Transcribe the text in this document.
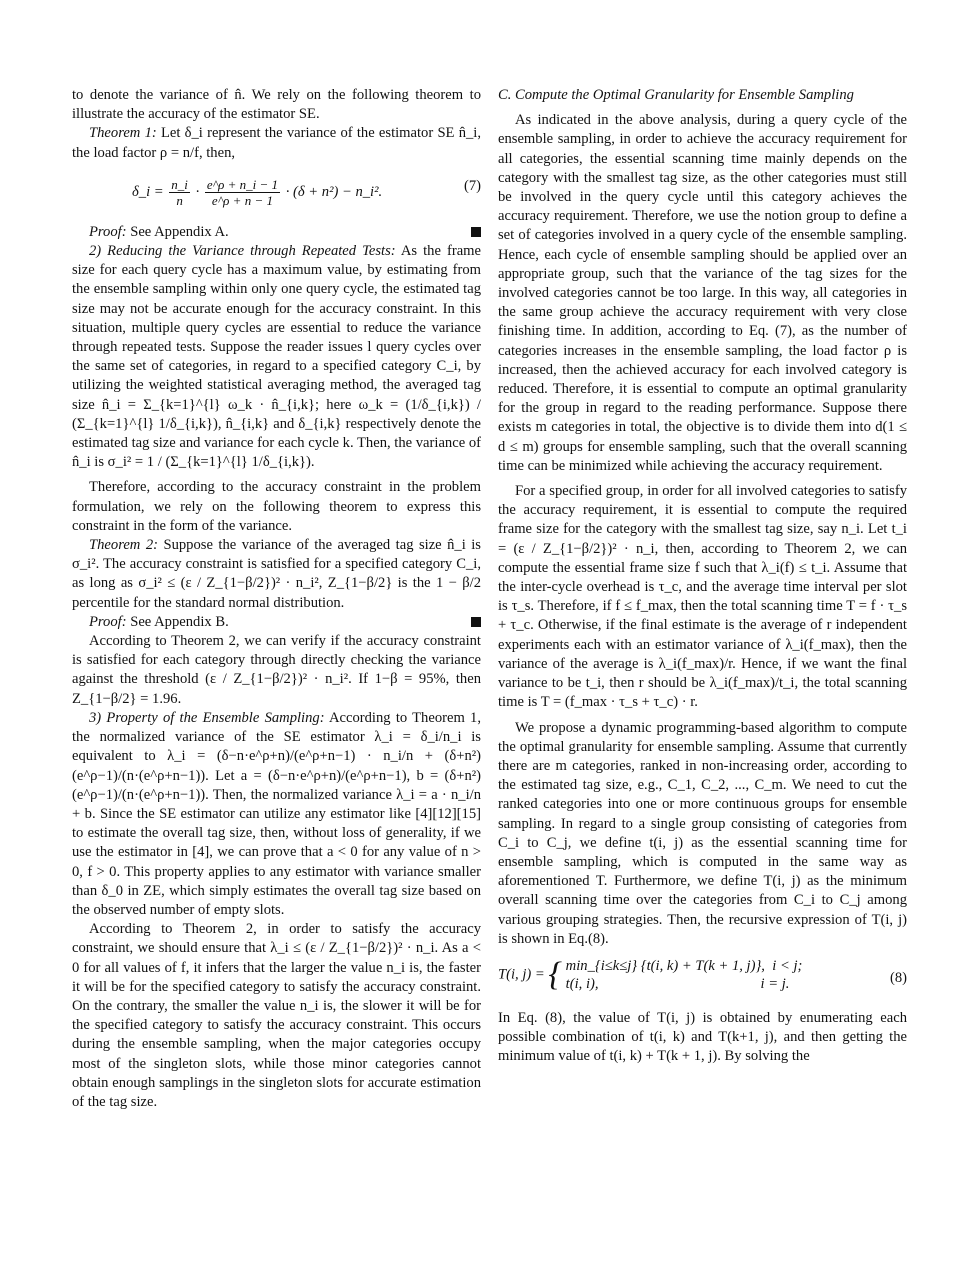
to denote the variance of n̂. We rely on the following theorem to illustrate the accuracy of the estimator SE.

Theorem 1: Let δ_i represent the variance of the estimator SE n̂_i, the load factor ρ = n/f, then,

δ_i = $\frac{n\_i}{n} \cdot \frac{e\^{}\rho + n\_i - 1}{e\^{}\rho + n - 1} \cdot (\delta + n^2)$ − n_i².	(7)

Proof: See Appendix A.

2) Reducing the Variance through Repeated Tests: As the frame size for each query cycle has a maximum value, by estimating from the ensemble sampling within only one query cycle, the estimated tag size may not be accurate enough for the accuracy constraint. In this situation, multiple query cycles are essential to reduce the variance through repeated tests. Suppose the reader issues l query cycles over the same set of categories, in regard to a specified category C_i, by utilizing the weighted statistical averaging method, the averaged tag size n̂_i = Σ_{k=1}^{l} ω_k · n̂_{i,k}; here ω_k = (1/δ_{i,k}) / (Σ_{k=1}^{l} 1/δ_{i,k}), n̂_{i,k} and δ_{i,k} respectively denote the estimated tag size and variance for each cycle k. Then, the variance of n̂_i is σ_i² = 1 / (Σ_{k=1}^{l} 1/δ_{i,k}).

Therefore, according to the accuracy constraint in the problem formulation, we rely on the following theorem to express this constraint in the form of the variance.

Theorem 2: Suppose the variance of the averaged tag size n̂_i is σ_i². The accuracy constraint is satisfied for a specified category C_i, as long as σ_i² ≤ (ε / Z_{1−β/2})² · n_i², Z_{1−β/2} is the 1 − β/2 percentile for the standard normal distribution.

Proof: See Appendix B.

According to Theorem 2, we can verify if the accuracy constraint is satisfied for each category through directly checking the variance against the threshold (ε / Z_{1−β/2})² · n_i². If 1−β = 95%, then Z_{1−β/2} = 1.96.

3) Property of the Ensemble Sampling: According to Theorem 1, the normalized variance of the SE estimator λ_i = δ_i/n_i is equivalent to λ_i = (δ−n·e^ρ+n)/(e^ρ+n−1) · n_i/n + (δ+n²)(e^ρ−1)/(n·(e^ρ+n−1)). Let a = (δ−n·e^ρ+n)/(e^ρ+n−1), b = (δ+n²)(e^ρ−1)/(n·(e^ρ+n−1)). Then, the normalized variance λ_i = a · n_i/n + b. Since the SE estimator can utilize any estimator like [4][12][15] to estimate the overall tag size, then, without loss of generality, if we use the estimator in [4], we can prove that a < 0 for any value of n > 0, f > 0. This property applies to any estimator with variance smaller than δ_0 in ZE, which simply estimates the overall tag size based on the observed number of empty slots.

According to Theorem 2, in order to satisfy the accuracy constraint, we should ensure that λ_i ≤ (ε / Z_{1−β/2})² · n_i. As a < 0 for all values of f, it infers that the larger the value n_i is, the faster it will be for the specified category to satisfy the accuracy constraint. On the contrary, the smaller the value n_i is, the slower it will be for the specified category to satisfy the accuracy constraint. This occurs during the ensemble sampling, when the major categories occupy most of the singleton slots, while those minor categories cannot obtain enough samplings in the singleton slots for accurate estimation of the tag size.

C. Compute the Optimal Granularity for Ensemble Sampling

As indicated in the above analysis, during a query cycle of the ensemble sampling, in order to achieve the accuracy requirement for all categories, the essential scanning time mainly depends on the category with the smallest tag size, as the other categories must still be involved in the query cycle until this category achieves the accuracy requirement. Therefore, we use the notion group to define a set of categories involved in a query cycle of the ensemble sampling. Hence, each cycle of ensemble sampling should be applied over an appropriate group, such that the variance of the tag sizes for the involved categories cannot be too large. In this way, all categories in the same group achieve the accuracy requirement with very close finishing time. In addition, according to Eq. (7), as the number of categories increases in the ensemble sampling, the load factor ρ is increased, then the achieved accuracy for each involved category is reduced. Therefore, it is essential to compute an optimal granularity for the group in regard to the reading performance. Suppose there exists m categories in total, the objective is to divide them into d(1 ≤ d ≤ m) groups for ensemble sampling, such that the overall scanning time can be minimized while achieving the accuracy requirement.

For a specified group, in order for all involved categories to satisfy the accuracy requirement, it is essential to compute the required frame size for the category with the smallest tag size, say n_i. Let t_i = (ε / Z_{1−β/2})² · n_i, then, according to Theorem 2, we can compute the essential frame size f such that λ_i(f) ≤ t_i. Assume that the inter-cycle overhead is τ_c, and the average time interval per slot is τ_s. Therefore, if f ≤ f_max, then the total scanning time T = f · τ_s + τ_c. Otherwise, if the final estimate is the average of r independent experiments each with an estimator variance of λ_i(f_max), then the variance of the average is λ_i(f_max)/r. Hence, if we want the final variance to be t_i, then r should be λ_i(f_max)/t_i, the total scanning time is T = (f_max · τ_s + τ_c) · r.

We propose a dynamic programming-based algorithm to compute the optimal granularity for ensemble sampling. Assume that currently there are m categories, ranked in non-increasing order, according to the estimated tag size, e.g., C_1, C_2, ..., C_m. We need to cut the ranked categories into one or more continuous groups for ensemble sampling. In regard to a single group consisting of categories from C_i to C_j, we define t(i, j) as the essential scanning time for ensemble sampling, which is computed in the same way as aforementioned T. Furthermore, we define T(i, j) as the minimum overall scanning time over the categories from C_i to C_j among various grouping strategies. Then, the recursive expression of T(i, j) is shown in Eq.(8).

T(i, j) = { min_{i≤k≤j} {t(i, k) + T(k + 1, j)}, i < j;
t(i, i),	i = j.	(8)

In Eq. (8), the value of T(i, j) is obtained by enumerating each possible combination of t(i, k) and T(k+1, j), and then getting the minimum value of t(i, k) + T(k + 1, j). By solving the
